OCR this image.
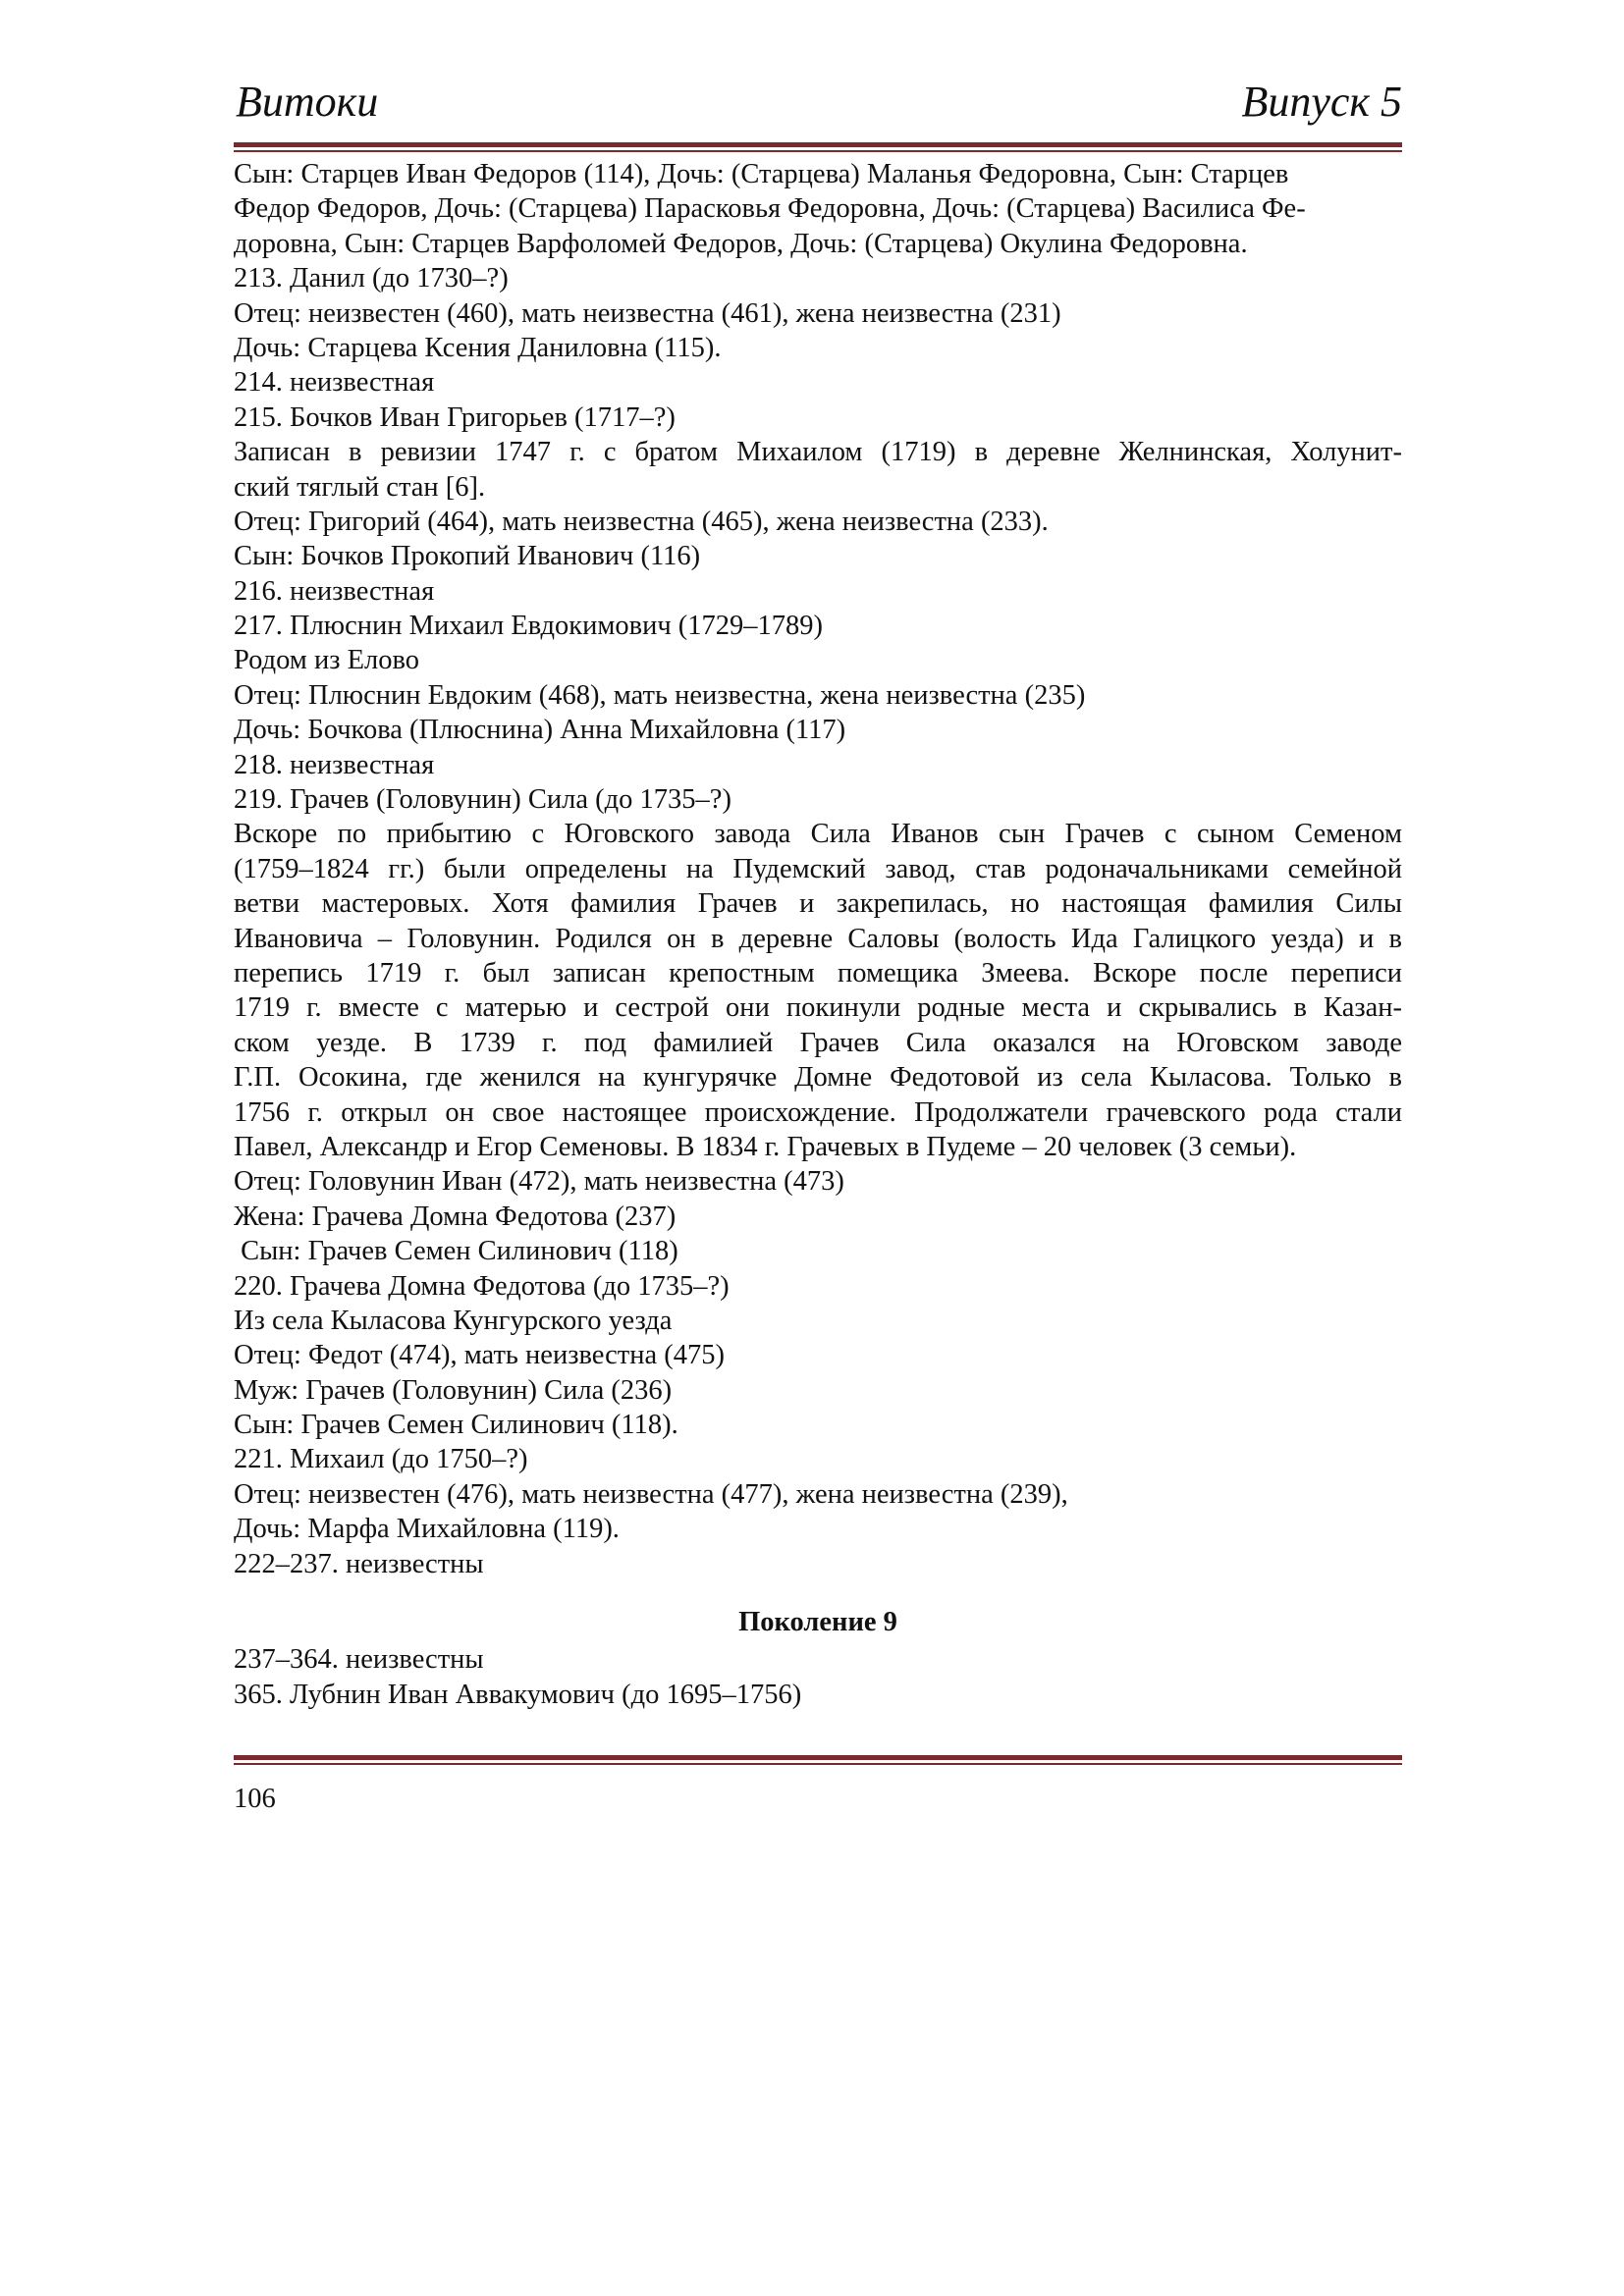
Витоки	Випуск 5
Сын: Старцев Иван Федоров (114), Дочь: (Старцева) Маланья Федоровна, Сын: Старцев
Федор Федоров, Дочь: (Старцева) Парасковья Федоровна, Дочь: (Старцева) Василиса Фе-
доровна, Сын: Старцев Варфоломей Федоров, Дочь: (Старцева) Окулина Федоровна.
213. Данил (до 1730–?)
Отец: неизвестен (460), мать неизвестна (461), жена неизвестна (231)
Дочь: Старцева Ксения Даниловна (115).
214. неизвестная
215. Бочков Иван Григорьев (1717–?)
Записан в ревизии 1747 г. с братом Михаилом (1719) в деревне Желнинская, Холунит-
ский тяглый стан [6].
Отец: Григорий (464), мать неизвестна (465), жена неизвестна (233).
Сын: Бочков Прокопий Иванович (116)
216. неизвестная
217. Плюснин Михаил Евдокимович (1729–1789)
Родом из Елово
Отец: Плюснин Евдоким (468), мать неизвестна, жена неизвестна (235)
Дочь: Бочкова (Плюснина) Анна Михайловна (117)
218. неизвестная
219. Грачев (Головунин) Сила (до 1735–?)
Вскоре по прибытию с Юговского завода Сила Иванов сын Грачев с сыном Семеном
(1759–1824 гг.) были определены на Пудемский завод, став родоначальниками семейной
ветви мастеровых. Хотя фамилия Грачев и закрепилась, но настоящая фамилия Силы
Ивановича – Головунин. Родился он в деревне Саловы (волость Ида Галицкого уезда) и в
перепись 1719 г. был записан крепостным помещика Змеева. Вскоре после переписи
1719 г. вместе с матерью и сестрой они покинули родные места и скрывались в Казан-
ском уезде. В 1739 г. под фамилией Грачев Сила оказался на Юговском заводе
Г.П. Осокина, где женился на кунгурячке Домне Федотовой из села Кыласова. Только в
1756 г. открыл он свое настоящее происхождение. Продолжатели грачевского рода стали
Павел, Александр и Егор Семеновы. В 1834 г. Грачевых в Пудеме – 20 человек (3 семьи).
Отец: Головунин Иван (472), мать неизвестна (473)
Жена: Грачева Домна Федотова (237)
Сын: Грачев Семен Силинович (118)
220. Грачева Домна Федотова (до 1735–?)
Из села Кыласова Кунгурского уезда
Отец: Федот (474), мать неизвестна (475)
Муж: Грачев (Головунин) Сила (236)
Сын: Грачев Семен Силинович (118).
221. Михаил (до 1750–?)
Отец: неизвестен (476), мать неизвестна (477), жена неизвестна (239),
Дочь: Марфа Михайловна (119).
222–237. неизвестны
Поколение 9
237–364. неизвестны
365. Лубнин Иван Аввакумович (до 1695–1756)
106
